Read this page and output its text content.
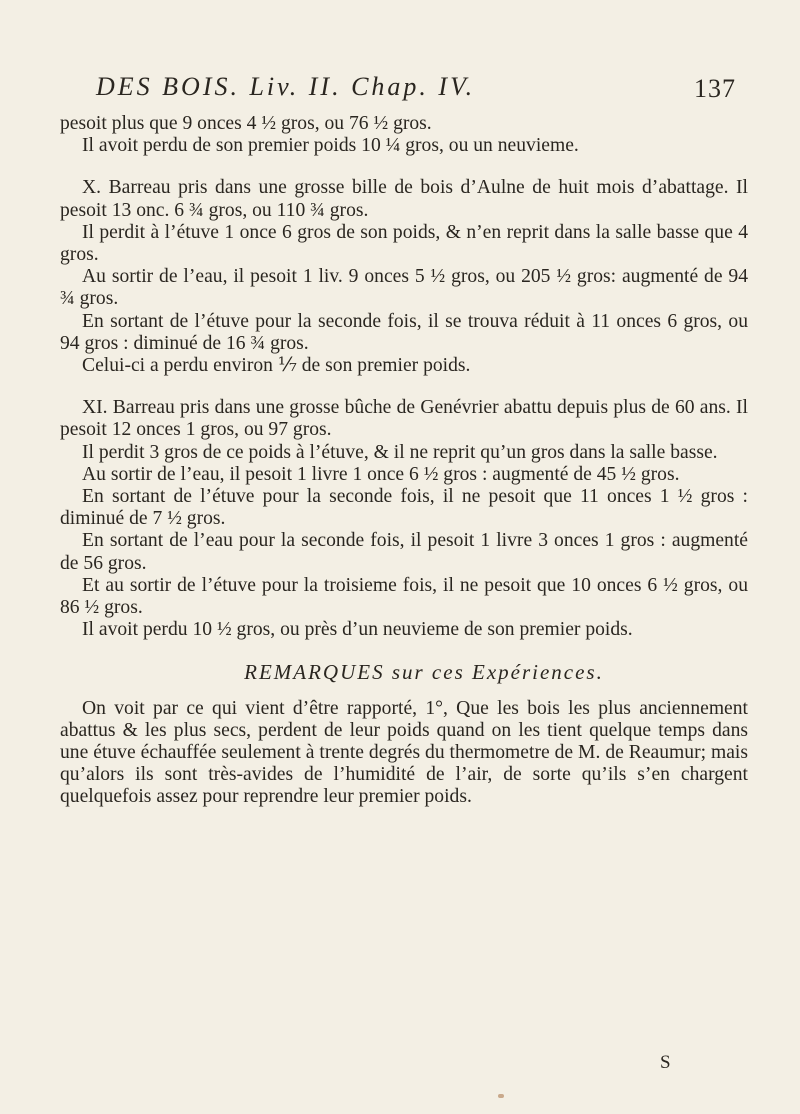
DES BOIS. Liv. II. Chap. IV.	137

pesoit plus que 9 onces 4 ½ gros, ou 76 ½ gros.

Il avoit perdu de son premier poids 10 ¼ gros, ou un neuvieme.

X. Barreau pris dans une grosse bille de bois d’Aulne de huit mois d’abattage. Il pesoit 13 onc. 6 ¾ gros, ou 110 ¾ gros.

Il perdit à l’étuve 1 once 6 gros de son poids, & n’en reprit dans la salle basse que 4 gros.

Au sortir de l’eau, il pesoit 1 liv. 9 onces 5 ½ gros, ou 205 ½ gros: augmenté de 94 ¾ gros.

En sortant de l’étuve pour la seconde fois, il se trouva réduit à 11 onces 6 gros, ou 94 gros : diminué de 16 ¾ gros.

Celui-ci a perdu environ ⅐ de son premier poids.

XI. Barreau pris dans une grosse bûche de Genévrier abattu depuis plus de 60 ans. Il pesoit 12 onces 1 gros, ou 97 gros.

Il perdit 3 gros de ce poids à l’étuve, & il ne reprit qu’un gros dans la salle basse.

Au sortir de l’eau, il pesoit 1 livre 1 once 6 ½ gros : augmenté de 45 ½ gros.

En sortant de l’étuve pour la seconde fois, il ne pesoit que 11 onces 1 ½ gros : diminué de 7 ½ gros.

En sortant de l’eau pour la seconde fois, il pesoit 1 livre 3 onces 1 gros : augmenté de 56 gros.

Et au sortir de l’étuve pour la troisieme fois, il ne pesoit que 10 onces 6 ½ gros, ou 86 ½ gros.

Il avoit perdu 10 ½ gros, ou près d’un neuvieme de son premier poids.

REMARQUES sur ces Expériences.

On voit par ce qui vient d’être rapporté, 1°, Que les bois les plus anciennement abattus & les plus secs, perdent de leur poids quand on les tient quelque temps dans une étuve échauffée seulement à trente degrés du thermometre de M. de Reaumur; mais qu’alors ils sont très-avides de l’humidité de l’air, de sorte qu’ils s’en chargent quelquefois assez pour reprendre leur premier poids.

S
